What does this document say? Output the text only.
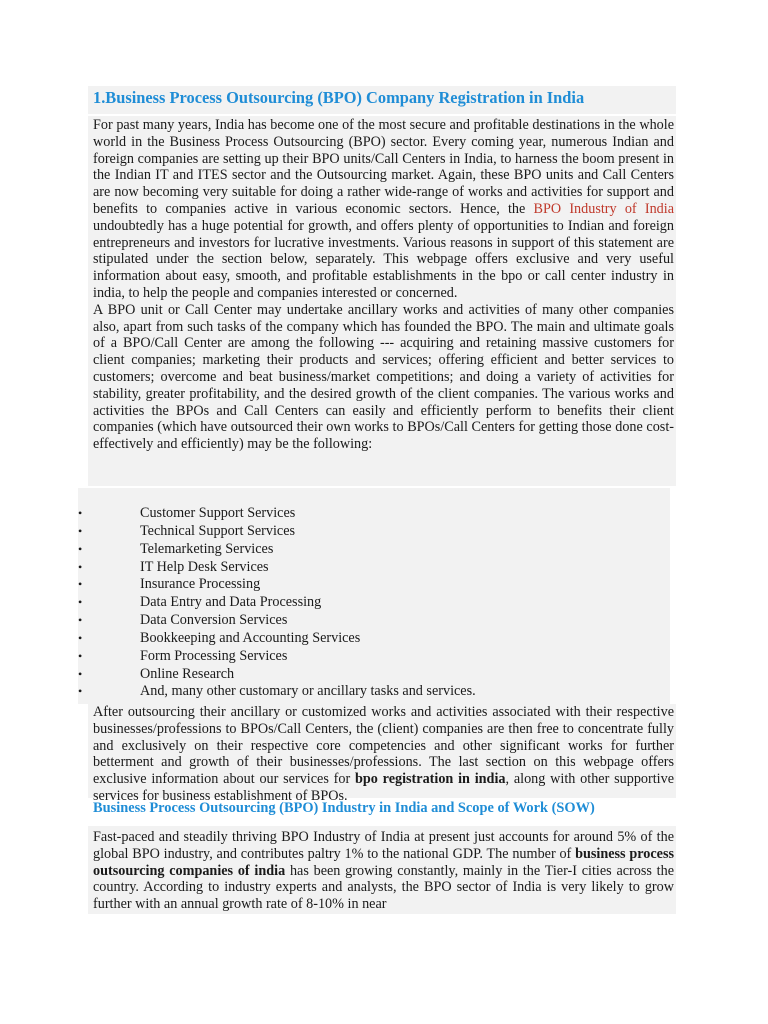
1.Business Process Outsourcing (BPO) Company Registration in India

For past many years, India has become one of the most secure and profitable destinations in the whole world in the Business Process Outsourcing (BPO) sector. Every coming year, numerous Indian and foreign companies are setting up their BPO units/Call Centers in India, to harness the boom present in the Indian IT and ITES sector and the Outsourcing market. Again, these BPO units and Call Centers are now becoming very suitable for doing a rather wide-range of works and activities for support and benefits to companies active in various economic sectors. Hence, the BPO Industry of India undoubtedly has a huge potential for growth, and offers plenty of opportunities to Indian and foreign entrepreneurs and investors for lucrative investments. Various reasons in support of this statement are stipulated under the section below, separately. This webpage offers exclusive and very useful information about easy, smooth, and profitable establishments in the bpo or call center industry in india, to help the people and companies interested or concerned.

A BPO unit or Call Center may undertake ancillary works and activities of many other companies also, apart from such tasks of the company which has founded the BPO. The main and ultimate goals of a BPO/Call Center are among the following --- acquiring and retaining massive customers for client companies; marketing their products and services; offering efficient and better services to customers; overcome and beat business/market competitions; and doing a variety of activities for stability, greater profitability, and the desired growth of the client companies. The various works and activities the BPOs and Call Centers can easily and efficiently perform to benefits their client companies (which have outsourced their own works to BPOs/Call Centers for getting those done cost-effectively and efficiently) may be the following:

•	Customer Support Services
•	Technical Support Services
•	Telemarketing Services
•	IT Help Desk Services
•	Insurance Processing
•	Data Entry and Data Processing
•	Data Conversion Services
•	Bookkeeping and Accounting Services
•	Form Processing Services
•	Online Research
•	And, many other customary or ancillary tasks and services.

After outsourcing their ancillary or customized works and activities associated with their respective businesses/professions to BPOs/Call Centers, the (client) companies are then free to concentrate fully and exclusively on their respective core competencies and other significant works for further betterment and growth of their businesses/professions. The last section on this webpage offers exclusive information about our services for bpo registration in india, along with other supportive services for business establishment of BPOs.

Business Process Outsourcing (BPO) Industry in India and Scope of Work (SOW)

Fast-paced and steadily thriving BPO Industry of India at present just accounts for around 5% of the global BPO industry, and contributes paltry 1% to the national GDP. The number of business process outsourcing companies of india has been growing constantly, mainly in the Tier-I cities across the country. According to industry experts and analysts, the BPO sector of India is very likely to grow further with an annual growth rate of 8-10% in near
